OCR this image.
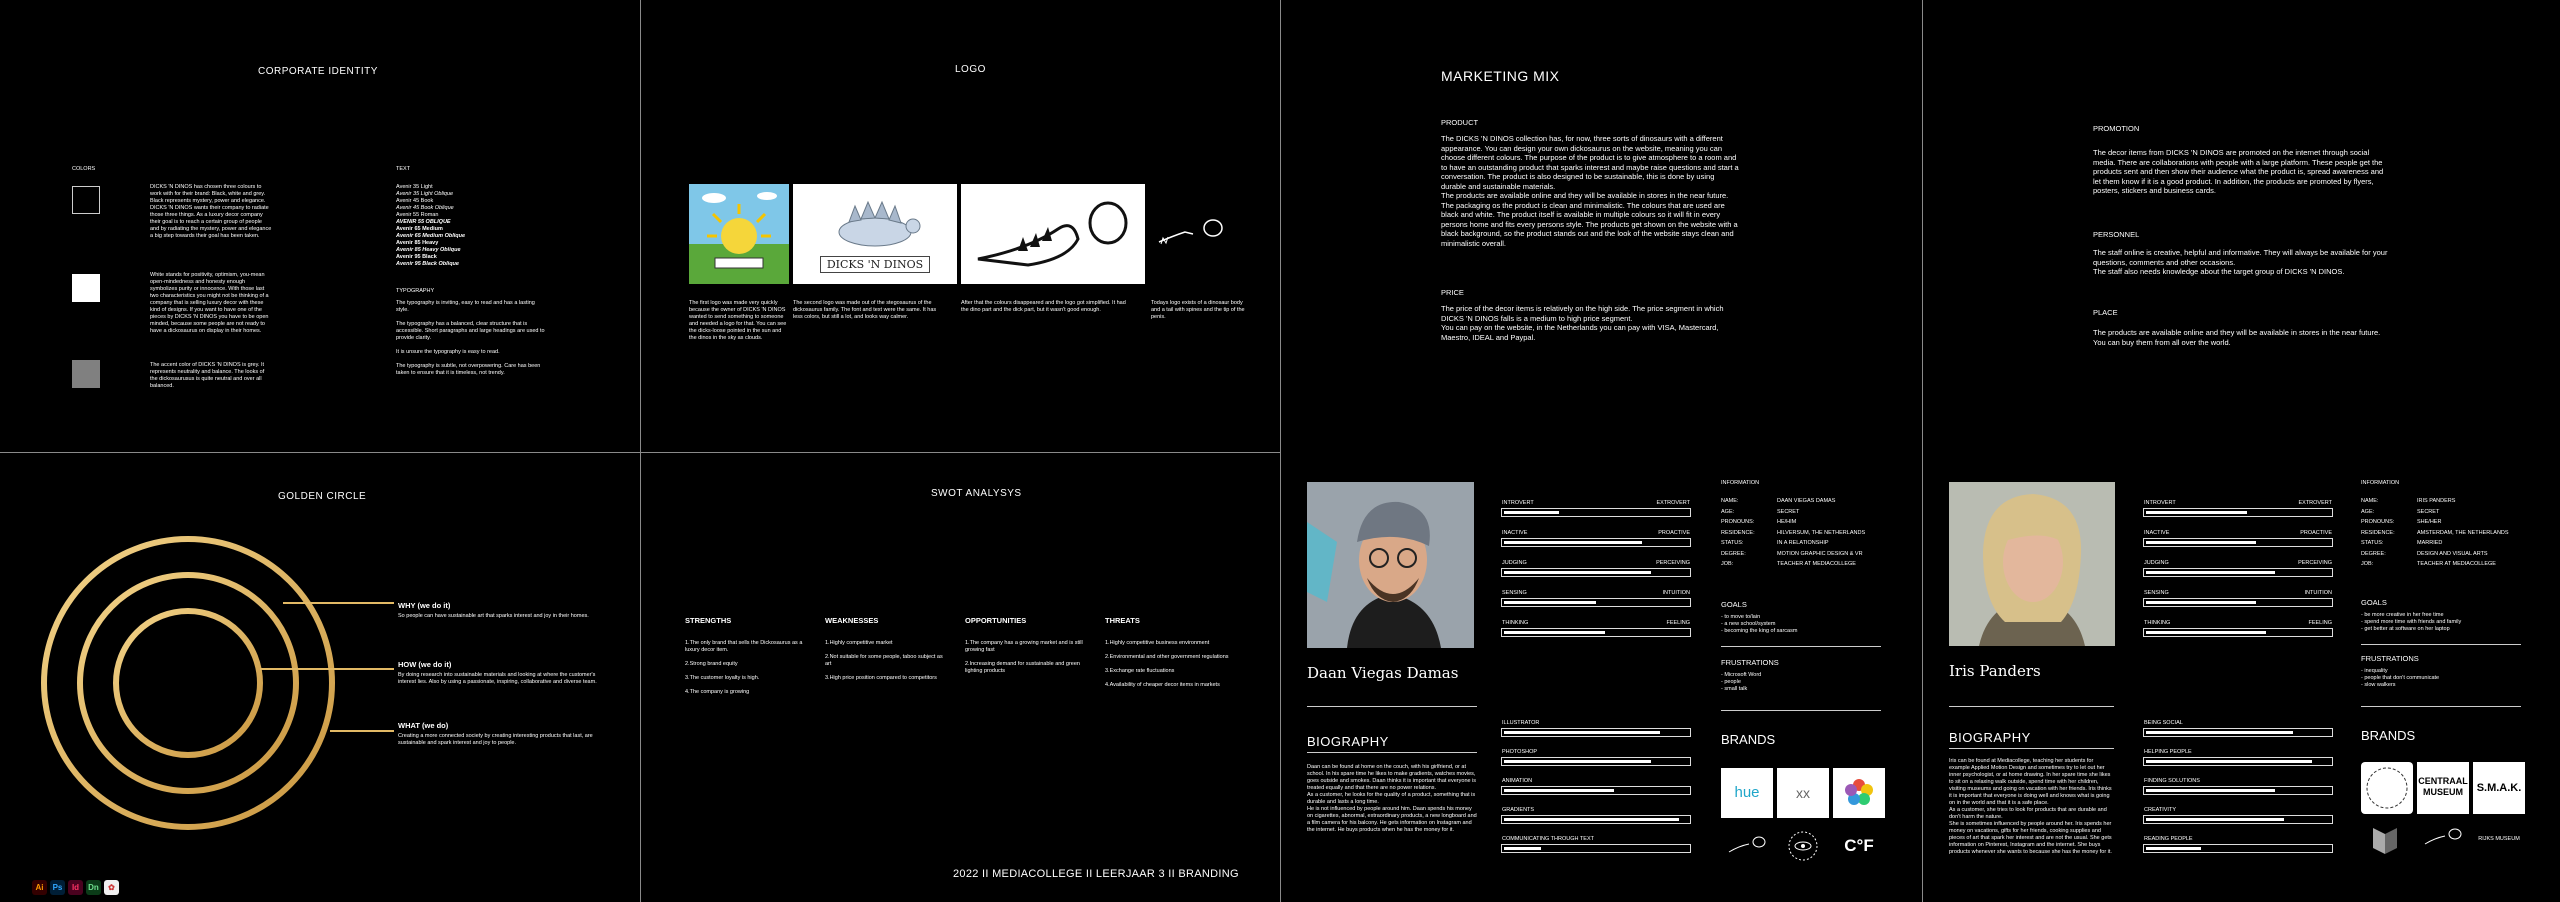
CORPORATE IDENTITY
COLORS	TEXT
DICKS 'N DINOS has chosen three colours to work with for their brand: Black, white and grey. Black represents mystery, power and elegance. DICKS 'N DINOS wants their company to radiate those three things. As a luxury decor company their goal is to reach a certain group of people and by radiating the mystery, power and elegance a big step towards their goal has been taken.
White stands for positivity, optimism, you-mean open-mindedness and honesty enough symbolizes purity or innocence. With those last two characteristics you might not be thinking of a company that is selling luxury decor with these kind of designs. If you want to have one of the pieces by DICKS 'N DINOS you have to be open minded, because some people are not ready to have a dickosaurus on display in their homes.
The accent color of DICKS 'N DINOS is grey. It represents neutrality and balance. The looks of the dickosaurusus is quite neutral and over all balanced.
Avenir 35 Light
Avenir 35 Light Oblique
Avenir 45 Book
Avenir 45 Book Oblique
Avenir 55 Roman
AVENIR 55 OBLIQUE
Avenir 65 Medium
Avenir 65 Medium Oblique
Avenir 85 Heavy
Avenir 85 Heavy Oblique
Avenir 95 Black
Avenir 95 Black Oblique
TYPOGRAPHY
The typography is inviting, easy to read and has a lasting style.
The typography has a balanced, clear structure that is accessible. Short paragraphs and large headings are used to provide clarity.
It is unsure the typography is easy to read.
The typography is subtle, not overpowering. Care has been taken to ensure that it is timeless, not trendy.
LOGO
DICKS 'N DINOS
The first logo was made very quickly because the owner of DICKS 'N DINOS wanted to send something to someone and needed a logo for that. You can see the dicks-loose pointed in the sun and the dinos in the sky as clouds.
The second logo was made out of the stegosaurus of the dickosaurus family. The font and text were the same. It has less colors, but still a lot, and looks way calmer.
After that the colours disappeared and the logo got simplified. It had the dino part and the dick part, but it wasn't good enough.
Todays logo exists of a dinosaur body and a tail with spines and the tip of the penis.
GOLDEN CIRCLE
WHY (we do it)
So people can have sustainable art that sparks interest and joy in their homes.
HOW (we do it)
By doing research into sustainable materials and looking at where the customer's interest lies. Also by using a passionate, inspiring, collaborative and diverse team.
WHAT (we do)
Creating a more connected society by creating interesting products that last, are sustainable and spark interest and joy to people.
Ai Ps Id Dn ✿
SWOT ANALYSYS
STRENGTHS
1.The only brand that sells the Dickosaurus as a luxury decor item.
2.Strong brand equity
3.The customer loyalty is high.
4.The company is growing
WEAKNESSES
1.Highly competitive market
2.Not suitable for some people, taboo subject as art
3.High price position compared to competitors
OPPORTUNITIES
1.The company has a growing market and is still growing fast
2.Increasing demand for sustainable and green lighting products
THREATS
1.Highly competitive business environment
2.Environmental and other government regulations
3.Exchange rate fluctuations
4.Availability of cheaper decor items in markets
2022 II MEDIACOLLEGE II LEERJAAR 3 II BRANDING
MARKETING MIX
PRODUCT
The DICKS 'N DINOS collection has, for now, three sorts of dinosaurs with a different appearance. You can design your own dickosaurus on the website, meaning you can choose different colours. The purpose of the product is to give atmosphere to a room and to have an outstanding product that sparks interest and maybe raise questions and start a conversation. The product is also designed to be sustainable, this is done by using durable and sustainable materials.
The products are available online and they will be available in stores in the near future. The packaging os the product is clean and minimalistic. The colours that are used are black and white. The product itself is available in multiple colours so it will fit in every persons home and fits every persons style. The products get shown on the website with a black background, so the product stands out and the look of the website stays clean and minimalistic overall.
PRICE
The price of the decor items is relatively on the high side. The price segment in which DICKS 'N DINOS falls is a medium to high price segment.
You can pay on the website, in the Netherlands you can pay with VISA, Mastercard, Maestro, IDEAL and Paypal.
PROMOTION
The decor items from DICKS 'N DINOS are promoted on the internet through social media. There are collaborations with people with a large platform. These people get the products sent and then show their audience what the product is, spread awareness and let them know if it is a good product. In addition, the products are promoted by flyers, posters, stickers and business cards.
PERSONNEL
The staff online is creative, helpful and informative. They will always be available for your questions, comments and other occasions.
The staff also needs knowledge about the target group of DICKS 'N DINOS.
PLACE
The products are available online and they will be available in stores in the near future. You can buy them from all over the world.
Daan Viegas Damas
BIOGRAPHY
Daan can be found at home on the couch, with his girlfriend, or at school. In his spare time he likes to make gradients, watches movies, goes outside and smokes. Daan thinks it is important that everyone is treated equally and that there are no power relations.
As a customer, he looks for the quality of a product, something that is durable and lasts a long time.
He is not influenced by people around him. Daan spends his money on cigarettes, abnormal, extraordinary products, a new longboard and a film camera for his balcony. He gets information on Instagram and the internet. He buys products when he has the money for it.
INTROVERT	EXTROVERT
INACTIVE	PROACTIVE
JUDGING	PERCEIVING
SENSING	INTUITION
THINKING	FEELING
ILLUSTRATOR
PHOTOSHOP
ANIMATION
GRADIENTS
COMMUNICATING THROUGH TEXT
INFORMATION
NAME:	DAAN VIEGAS DAMAS
AGE:	SECRET
PRONOUNS:	HE/HIM
RESIDENCE:	HILVERSUM, THE NETHERLANDS
STATUS:	IN A RELATIONSHIP
DEGREE:	MOTION GRAPHIC DESIGN & VR
JOB:	TEACHER AT MEDIACOLLEGE
GOALS
- to move to/lain
- a new school/system
- becoming the king of sarcasm
FRUSTRATIONS
- Microsoft Word
- people
- small talk
BRANDS
hue	xx
C°F
Iris Panders
BIOGRAPHY
Iris can be found at Mediacollege, teaching her students for example Applied Motion Design and sometimes try to let out her inner psychologist, or at home drawing. In her spare time she likes to sit on a relaxing walk outside, spend time with her children, visiting museums and going on vacation with her friends. Iris thinks it is important that everyone is doing well and knows what is going on in the world and that it is a safe place.
As a customer, she tries to look for products that are durable and don't harm the nature.
She is sometimes influenced by people around her. Iris spends her money on vacations, gifts for her friends, cooking supplies and pieces of art that spark her interest and are not the usual. She gets information on Pinterest, Instagram and the internet. She buys products whenever she wants to because she has the money for it.
INTROVERT	EXTROVERT
INACTIVE	PROACTIVE
JUDGING	PERCEIVING
SENSING	INTUITION
THINKING	FEELING
BEING SOCIAL
HELPING PEOPLE
FINDING SOLUTIONS
CREATIVITY
READING PEOPLE
INFORMATION
NAME:	IRIS PANDERS
AGE:	SECRET
PRONOUNS:	SHE/HER
RESIDENCE:	AMSTERDAM, THE NETHERLANDS
STATUS:	MARRIED
DEGREE:	DESIGN AND VISUAL ARTS
JOB:	TEACHER AT MEDIACOLLEGE
GOALS
- be more creative in her free time
- spend more time with friends and family
- get better at software on her laptop
FRUSTRATIONS
- inequality
- people that don't communicate
- slow walkers
BRANDS
CENTRAAL MUSEUM	S.M.A.K.
RIJKS MUSEUM
